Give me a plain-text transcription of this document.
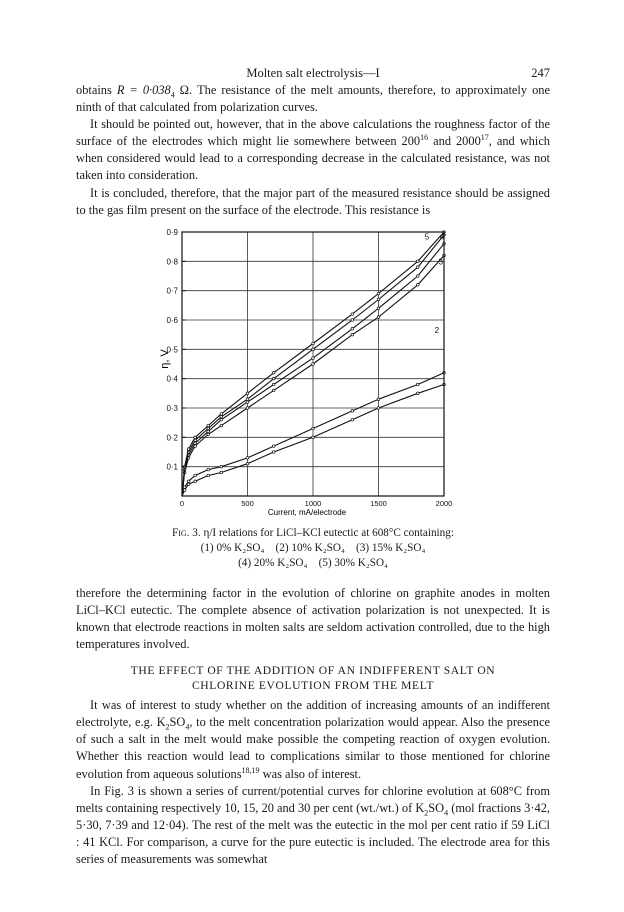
Molten salt electrolysis—I	247

obtains $R = 0\cdot 038_4$ Ω. The resistance of the melt amounts, therefore, to approximately one ninth of that calculated from polarization curves.

It should be pointed out, however, that in the above calculations the roughness factor of the surface of the electrodes which might lie somewhere between $200^{16}$ and 2000$^{17}$, and which when considered would lead to a corresponding decrease in the calculated resistance, was not taken into consideration.

It is concluded, therefore, that the major part of the measured resistance should be assigned to the gas film present on the surface of the electrode. This resistance is

5 4
3
2
0	500	1000	1500	2000
0·1
0·2
0·3
0·4
0·5
0·6
0·7
0·8
0·9
η, V
Current, mA/electrode
Fig. 3. η/I relations for LiCl–KCl eutectic at 608°C containing:
(1) 0% K₂SO₄    (2) 10% K₂SO₄    (3) 15% K₂SO₄
(4) 20% K₂SO₄    (5) 30% K₂SO₄

therefore the determining factor in the evolution of chlorine on graphite anodes in molten LiCl–KCl eutectic. The complete absence of activation polarization is not unexpected. It is known that electrode reactions in molten salts are seldom activation controlled, due to the high temperatures involved.

THE EFFECT OF THE ADDITION OF AN INDIFFERENT SALT ON
CHLORINE EVOLUTION FROM THE MELT

It was of interest to study whether on the addition of increasing amounts of an indifferent electrolyte, e.g. $K_2SO_4$, to the melt concentration polarization would appear. Also the presence of such a salt in the melt would make possible the competing reaction of oxygen evolution. Whether this reaction would lead to complications similar to those mentioned for chlorine evolution from aqueous solutions$^{18,19}$ was also of interest.

In Fig. 3 is shown a series of current/potential curves for chlorine evolution at 608°C from melts containing respectively 10, 15, 20 and 30 per cent (wt./wt.) of $K_2SO_4$ (mol fractions 3·42, 5·30, 7·39 and 12·04). The rest of the melt was the eutectic in the mol per cent ratio if 59 LiCl : 41 KCl. For comparison, a curve for the pure eutectic is included. The electrode area for this series of measurements was somewhat
